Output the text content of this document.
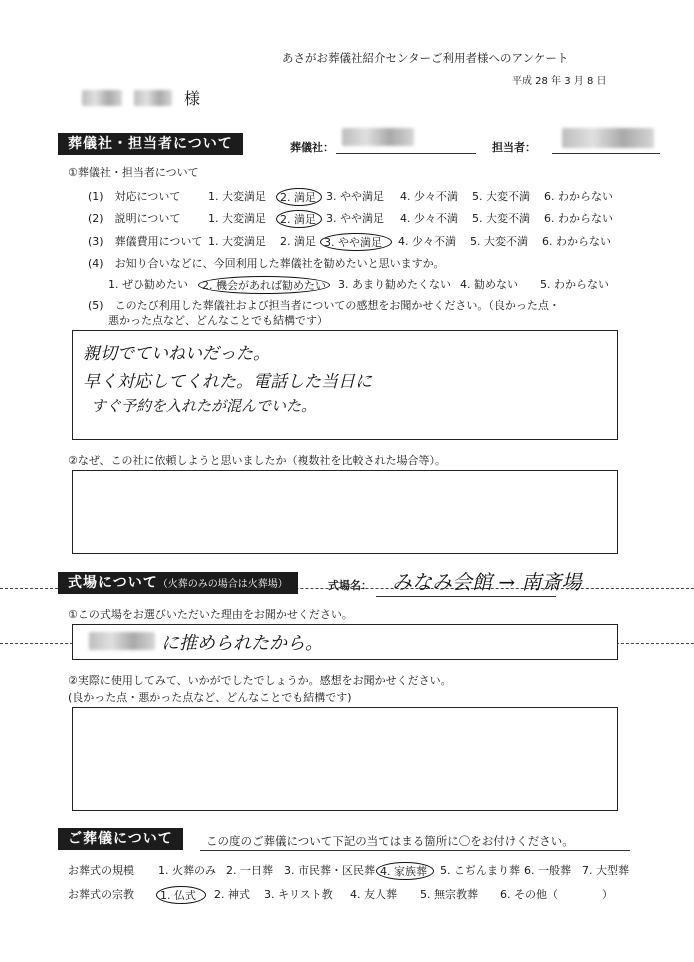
あさがお葬儀社紹介センターご利用者様へのアンケート
平成 28 年 3 月 8 日
様
葬儀社・担当者について	葬儀社：	担当者：
①葬儀社・担当者について
(1)　対応について	1. 大変満足	2. 満足 3. やや満足	4. 少々不満	5. 大変不満	6. わからない
(2)　説明について	1. 大変満足	2. 満足 3. やや満足	4. 少々不満	5. 大変不満	6. わからない
(3)　葬儀費用について 1. 大変満足	2. 満足 3. やや満足	4. 少々不満	5. 大変不満	6. わからない
(4)　お知り合いなどに、今回利用した葬儀社を勧めたいと思いますか。
1. ぜひ勧めたい	2. 機会があれば勧めたい	3. あまり勧めたくない 4. 勧めない	5. わからない
(5)　このたび利用した葬儀社および担当者についての感想をお聞かせください。（良かった点・
悪かった点など、どんなことでも結構です）
親切でていねいだった。
早く対応してくれた。電話した当日に
すぐ予約を入れたが混んでいた。
②なぜ、この社に依頼しようと思いましたか（複数社を比較された場合等）。
式場について（火葬のみの場合は火葬場）	式場名： みなみ会館 → 南斎場
①この式場をお選びいただいた理由をお聞かせください。
に推められたから。
②実際に使用してみて、いかがでしたでしょうか。感想をお聞かせください。
(良かった点・悪かった点など、どんなことでも結構です)
ご葬儀について	この度のご葬儀について下記の当てはまる箇所に〇をお付けください。
お葬式の規模 1. 火葬のみ 2. 一日葬	3. 市民葬・区民葬 4. 家族葬	5. こぢんまり葬 6. 一般葬	7. 大型葬
お葬式の宗教	1. 仏式	2. 神式	3. キリスト教	4. 友人葬	5. 無宗教葬	6. その他（　　　　）
